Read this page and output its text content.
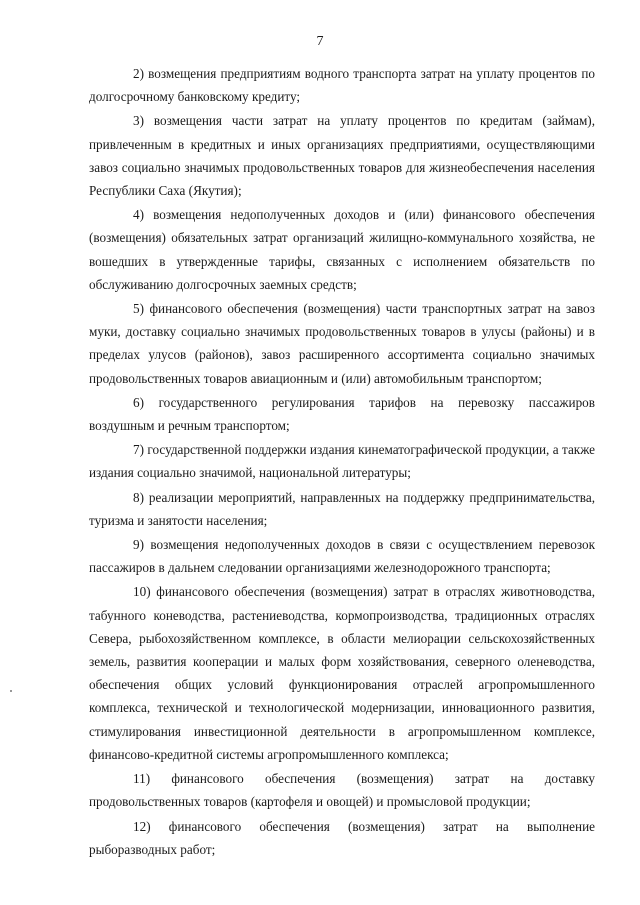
7

2) возмещения предприятиям водного транспорта затрат на уплату процентов по долгосрочному банковскому кредиту;

3) возмещения части затрат на уплату процентов по кредитам (займам), привлеченным в кредитных и иных организациях предприятиями, осуществляющими завоз социально значимых продовольственных товаров для жизнеобеспечения населения Республики Саха (Якутия);

4) возмещения недополученных доходов и (или) финансового обеспечения (возмещения) обязательных затрат организаций жилищно-коммунального хозяйства, не вошедших в утвержденные тарифы, связанных с исполнением обязательств по обслуживанию долгосрочных заемных средств;

5) финансового обеспечения (возмещения) части транспортных затрат на завоз муки, доставку социально значимых продовольственных товаров в улусы (районы) и в пределах улусов (районов), завоз расширенного ассортимента социально значимых продовольственных товаров авиационным и (или) автомобильным транспортом;

6) государственного регулирования тарифов на перевозку пассажиров воздушным и речным транспортом;

7) государственной поддержки издания кинематографической продукции, а также издания социально значимой, национальной литературы;

8) реализации мероприятий, направленных на поддержку предпринимательства, туризма и занятости населения;

9) возмещения недополученных доходов в связи с осуществлением перевозок пассажиров в дальнем следовании организациями железнодорожного транспорта;

10) финансового обеспечения (возмещения) затрат в отраслях животноводства, табунного коневодства, растениеводства, кормопроизводства, традиционных отраслях Севера, рыбохозяйственном комплексе, в области мелиорации сельскохозяйственных земель, развития кооперации и малых форм хозяйствования, северного оленеводства, обеспечения общих условий функционирования отраслей агропромышленного комплекса, технической и технологической модернизации, инновационного развития, стимулирования инвестиционной деятельности в агропромышленном комплексе, финансово-кредитной системы агропромышленного комплекса;

11) финансового обеспечения (возмещения) затрат на доставку продовольственных товаров (картофеля и овощей) и промысловой продукции;

12) финансового обеспечения (возмещения) затрат на выполнение рыборазводных работ;
